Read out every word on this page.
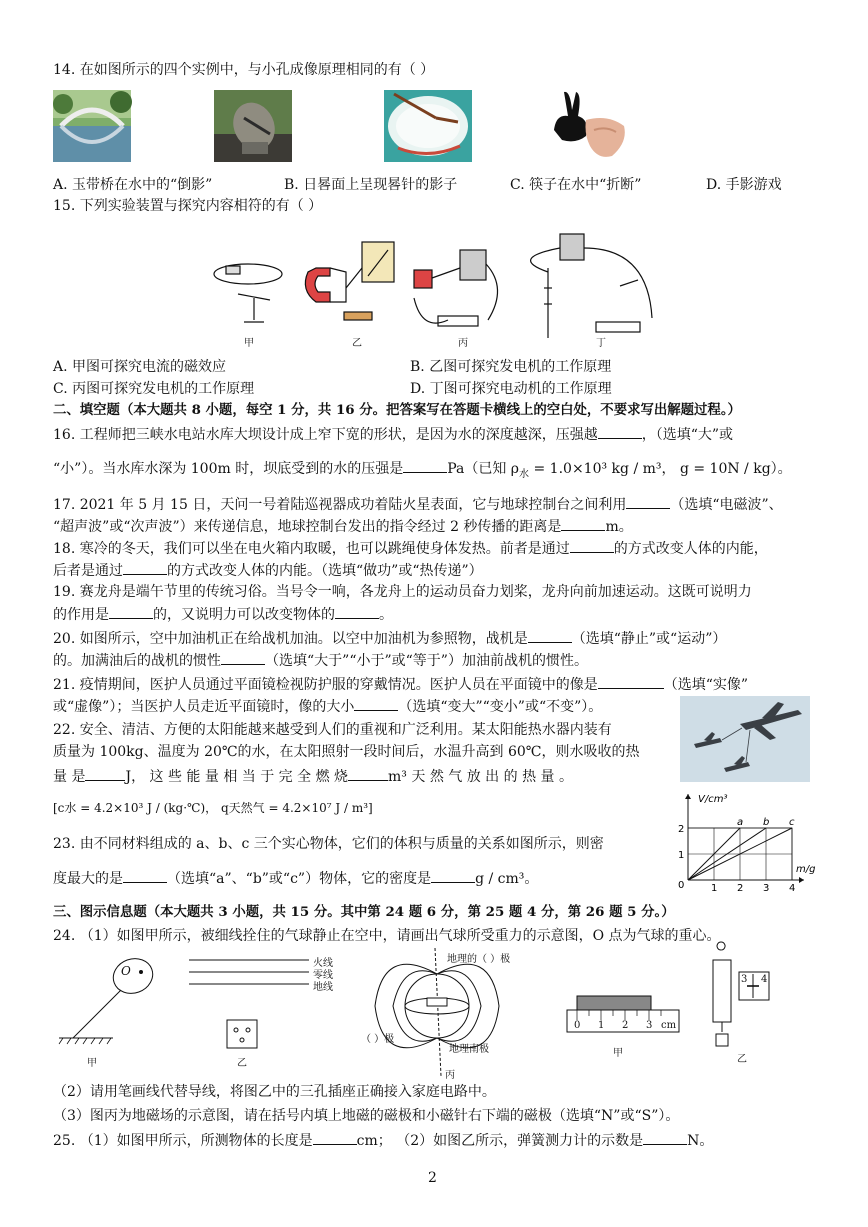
14. 在如图所示的四个实例中，与小孔成像原理相同的有（ ）
A. 玉带桥在水中的“倒影”	B. 日晷面上呈现晷针的影子	C. 筷子在水中“折断”	D. 手影游戏
15. 下列实验装置与探究内容相符的有（ ）
甲	乙	丙	丁
A. 甲图可探究电流的磁效应	B. 乙图可探究发电机的工作原理
C. 丙图可探究发电机的工作原理	D. 丁图可探究电动机的工作原理
二、填空题（本大题共 8 小题，每空 1 分，共 16 分。把答案写在答题卡横线上的空白处，不要求写出解题过程。）
16. 工程师把三峡水电站水库大坝设计成上窄下宽的形状，是因为水的深度越深，压强越	，（选填“大”或
“小”）。当水库水深为 100m 时，坝底受到的水的压强是	Pa（已知 $\rho_水 = 1.0\times 10^3$ kg / m³， g = 10N / kg）。
17. 2021 年 5 月 15 日，天问一号着陆巡视器成功着陆火星表面，它与地球控制台之间利用	（选填“电磁波”、
“超声波”或“次声波”）来传递信息，地球控制台发出的指令经过 2 秒传播的距离是	m。
18. 寒冷的冬天，我们可以坐在电火箱内取暖，也可以跳绳使身体发热。前者是通过	的方式改变人体的内能，
后者是通过	的方式改变人体的内能。（选填“做功”或“热传递”）
19. 赛龙舟是端午节里的传统习俗。当号令一响，各龙舟上的运动员奋力划桨，龙舟向前加速运动。这既可说明力
的作用是	的，又说明力可以改变物体的	。
20. 如图所示，空中加油机正在给战机加油。以空中加油机为参照物，战机是	（选填“静止”或“运动”）
的。加满油后的战机的惯性	（选填“大于”“小于”或“等于”）加油前战机的惯性。
21. 疫情期间，医护人员通过平面镜检视防护服的穿戴情况。医护人员在平面镜中的像是	（选填“实像”
或“虚像”）；当医护人员走近平面镜时，像的大小	（选填“变大”“变小”或“不变”）。
22. 安全、清洁、方便的太阳能越来越受到人们的重视和广泛利用。某太阳能热水器内装有
质量为 100kg、温度为 20℃的水，在太阳照射一段时间后，水温升高到 60℃，则水吸收的热
量 是	J， 这 些 能 量 相 当 于 完 全 燃 烧	m³ 天 然 气 放 出 的 热 量 。
[c水 = 4.2×10³ J / (kg·℃)， q天然气 = 4.2×10⁷ J / m³]
23. 由不同材料组成的 a、b、c 三个实心物体，它们的体积与质量的关系如图所示，则密
度最大的是	（选填“a”、“b”或“c”）物体，它的密度是	g / cm³。
V/cm³
m/g
0	1 2 3 4
1
2
a b c
三、图示信息题（本大题共 3 小题，共 15 分。其中第 24 题 6 分，第 25 题 4 分，第 26 题 5 分。）
24. （1）如图甲所示，被细线拴住的气球静止在空中，请画出气球所受重力的示意图，O 点为气球的重心。
O
甲
火线
零线
地线
乙
地理的（ ）极
（ ）极
地理南极
丙
0 1 2 3 cm
甲
3 4
乙
（2）请用笔画线代替导线，将图乙中的三孔插座正确接入家庭电路中。
（3）图丙为地磁场的示意图，请在括号内填上地磁的磁极和小磁针右下端的磁极（选填“N”或“S”）。
25. （1）如图甲所示，所测物体的长度是	cm； （2）如图乙所示，弹簧测力计的示数是	N。
2
